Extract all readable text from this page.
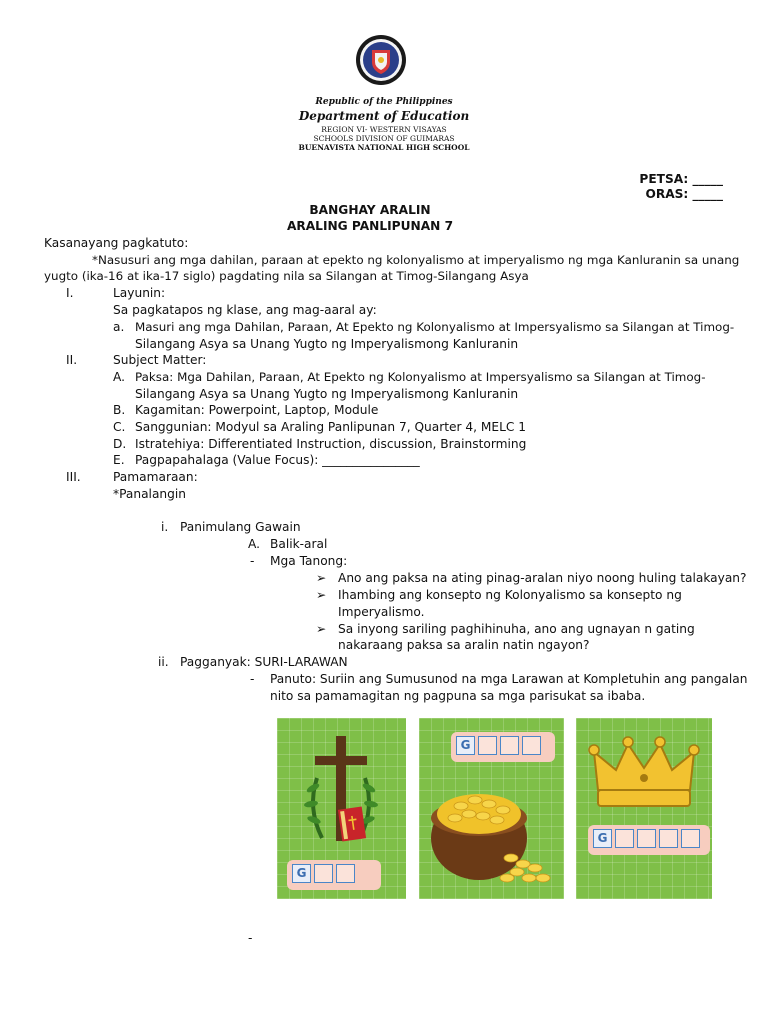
Republic of the Philippines
Department of Education
REGION VI- WESTERN VISAYAS
SCHOOLS DIVISION OF GUIMARAS
BUENAVISTA NATIONAL HIGH SCHOOL
PETSA: _____
ORAS: _____
BANGHAY ARALIN
ARALING PANLIPUNAN 7
Kasanayang pagkatuto:
*Nasusuri ang mga dahilan, paraan at epekto ng kolonyalismo at imperyalismo ng mga Kanluranin sa unang
yugto (ika-16 at ika-17 siglo) pagdating nila sa Silangan at Timog-Silangang Asya
I.	Layunin:
Sa pagkatapos ng klase, ang mag-aaral ay:
a. Masuri ang mga Dahilan, Paraan, At Epekto ng Kolonyalismo at Impersyalismo sa Silangan at Timog-
Silangang Asya sa Unang Yugto ng Imperyalismong Kanluranin
II.	Subject Matter:
A. Paksa: Mga Dahilan, Paraan, At Epekto ng Kolonyalismo at Impersyalismo sa Silangan at Timog-
Silangang Asya sa Unang Yugto ng Imperyalismong Kanluranin
B. Kagamitan: Powerpoint, Laptop, Module
C. Sanggunian: Modyul sa Araling Panlipunan 7, Quarter 4, MELC 1
D. Istratehiya: Differentiated Instruction, discussion, Brainstorming
E. Pagpapahalaga (Value Focus): ________________
III.	Pamamaraan:
*Panalangin
i. Panimulang Gawain
A. Balik-aral
- Mga Tanong:
➢ Ano ang paksa na ating pinag-aralan niyo noong huling talakayan?
➢ Ihambing ang konsepto ng Kolonyalismo sa konsepto ng
Imperyalismo.
➢ Sa inyong sariling paghihinuha, ano ang ugnayan n gating
nakaraang paksa sa aralin natin ngayon?
ii. Pagganyak: SURI-LARAWAN
- Panuto: Suriin ang Sumusunod na mga Larawan at Kompletuhin ang pangalan
nito sa pamamagitan ng pagpuna sa mga parisukat sa ibaba.
G
G
G
-
